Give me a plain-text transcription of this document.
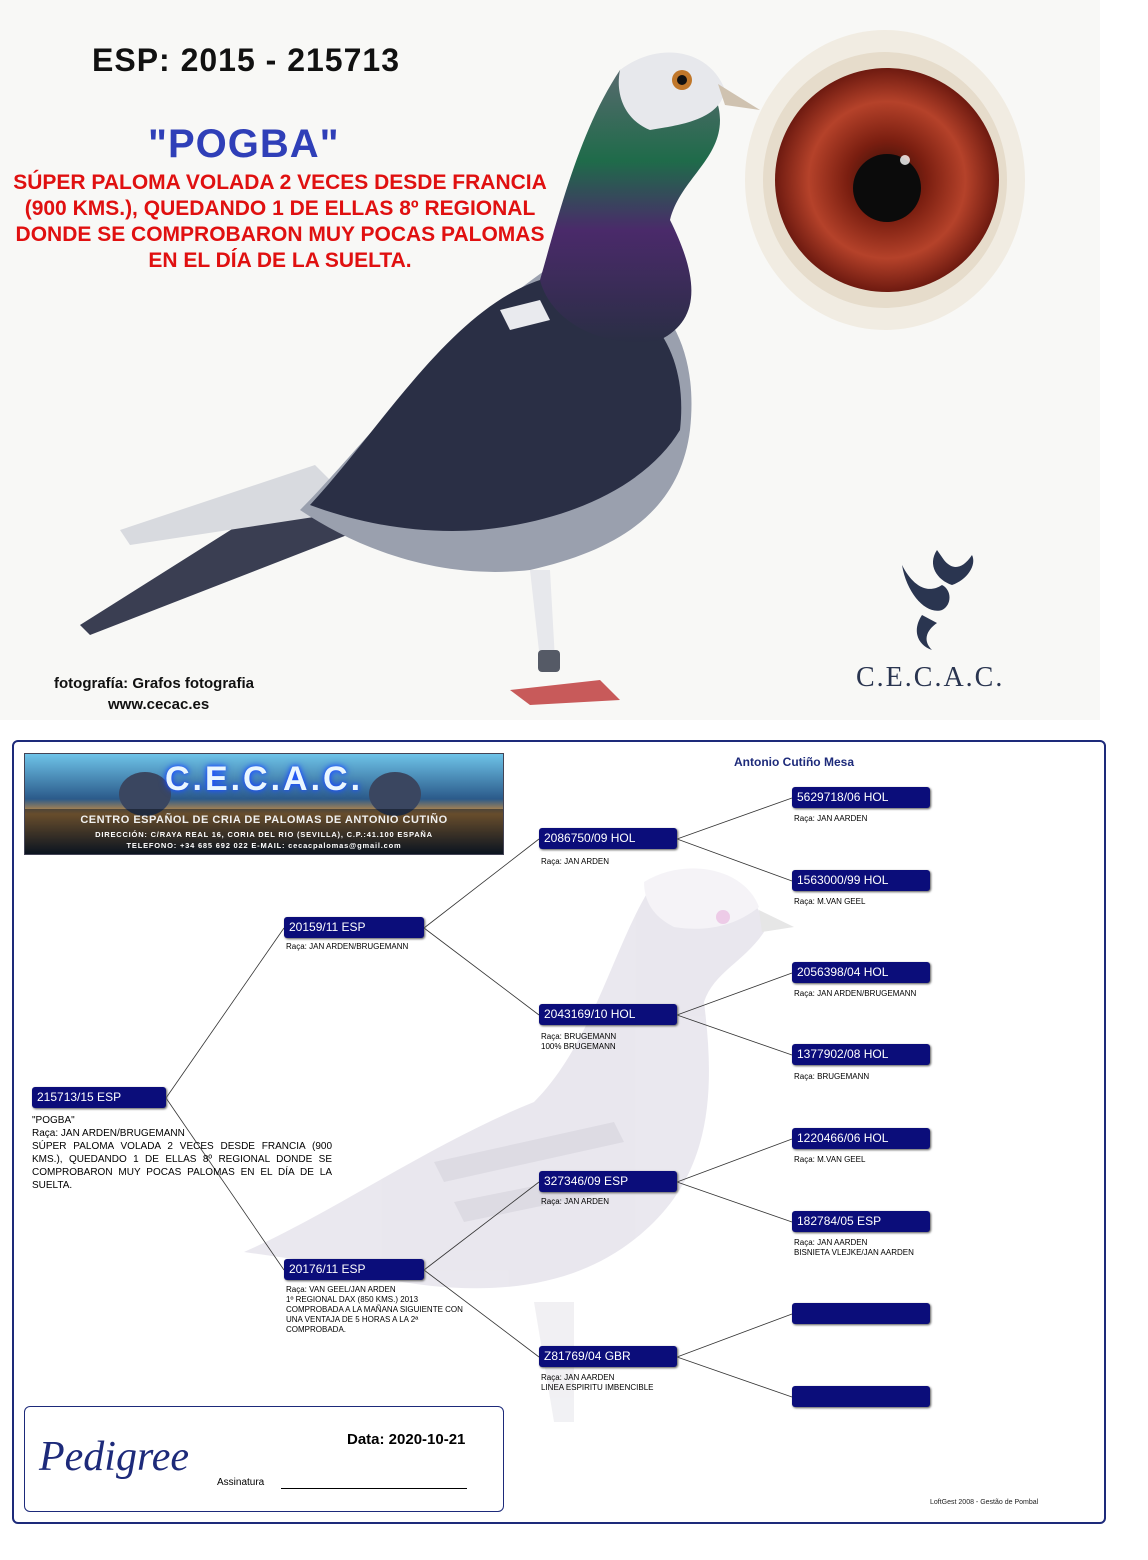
ESP: 2015 - 215713
"POGBA"
SÚPER PALOMA VOLADA 2 VECES DESDE FRANCIA (900 KMS.), QUEDANDO 1 DE ELLAS 8º REGIONAL DONDE SE COMPROBARON MUY POCAS PALOMAS EN EL DÍA DE LA SUELTA.
fotografía: Grafos fotografia
www.cecac.es
C.E.C.A.C.
Antonio Cutiño Mesa
C.E.C.A.C.
CENTRO ESPAÑOL DE CRIA DE PALOMAS DE ANTONIO CUTIÑO
DIRECCIÓN: C/RAYA REAL 16, CORIA DEL RIO (SEVILLA), C.P.:41.100 ESPAÑA
TELEFONO: +34 685 692 022 E-MAIL: cecacpalomas@gmail.com
215713/15 ESP
"POGBA"
Raça: JAN ARDEN/BRUGEMANN
SÚPER PALOMA VOLADA 2 VECES DESDE FRANCIA (900 KMS.), QUEDANDO 1 DE ELLAS 8º REGIONAL DONDE SE COMPROBARON MUY POCAS PALOMAS EN EL DÍA DE LA SUELTA.
20159/11 ESP
Raça: JAN ARDEN/BRUGEMANN
20176/11 ESP
Raça: VAN GEEL/JAN ARDEN
1º REGIONAL DAX (850 KMS.) 2013
COMPROBADA A LA MAÑANA SIGUIENTE CON
UNA VENTAJA DE 5 HORAS A LA 2ª
COMPROBADA.
2086750/09 HOL
Raça: JAN ARDEN
2043169/10 HOL
Raça: BRUGEMANN
100% BRUGEMANN
327346/09 ESP
Raça: JAN ARDEN
Z81769/04 GBR
Raça: JAN AARDEN
LINEA ESPIRITU IMBENCIBLE
5629718/06 HOL
Raça: JAN AARDEN
1563000/99 HOL
Raça: M.VAN GEEL
2056398/04 HOL
Raça: JAN ARDEN/BRUGEMANN
1377902/08 HOL
Raça: BRUGEMANN
1220466/06 HOL
Raça: M.VAN GEEL
182784/05 ESP
Raça: JAN AARDEN
BISNIETA VLEJKE/JAN AARDEN
Pedigree	Data: 2020-10-21
Assinatura
LoftGest 2008 - Gestão de Pombal
